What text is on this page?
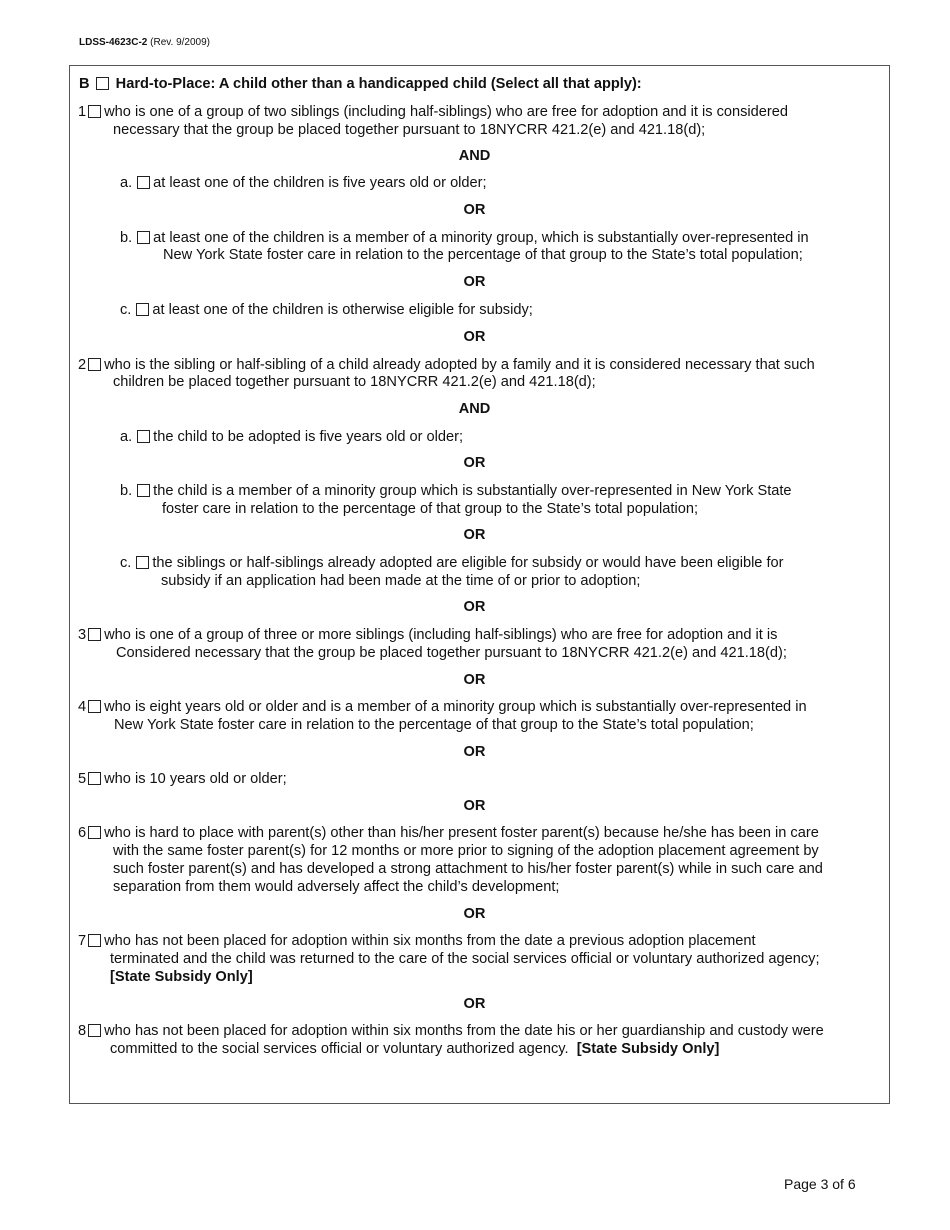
LDSS-4623C-2 (Rev. 9/2009)
B Hard-to-Place: A child other than a handicapped child (Select all that apply):
1 who is one of a group of two siblings (including half-siblings) who are free for adoption and it is considered
necessary that the group be placed together pursuant to 18NYCRR 421.2(e) and 421.18(d);
AND
a. at least one of the children is five years old or older;
OR
b. at least one of the children is a member of a minority group, which is substantially over-represented in
New York State foster care in relation to the percentage of that group to the State’s total population;
OR
c. at least one of the children is otherwise eligible for subsidy;
OR
2 who is the sibling or half-sibling of a child already adopted by a family and it is considered necessary that such
children be placed together pursuant to 18NYCRR 421.2(e) and 421.18(d);
AND
a. the child to be adopted is five years old or older;
OR
b. the child is a member of a minority group which is substantially over-represented in New York State
foster care in relation to the percentage of that group to the State’s total population;
OR
c. the siblings or half-siblings already adopted are eligible for subsidy or would have been eligible for
subsidy if an application had been made at the time of or prior to adoption;
OR
3 who is one of a group of three or more siblings (including half-siblings) who are free for adoption and it is
Considered necessary that the group be placed together pursuant to 18NYCRR 421.2(e) and 421.18(d);
OR
4 who is eight years old or older and is a member of a minority group which is substantially over-represented in
New York State foster care in relation to the percentage of that group to the State’s total population;
OR
5 who is 10 years old or older;
OR
6 who is hard to place with parent(s) other than his/her present foster parent(s) because he/she has been in care
with the same foster parent(s) for 12 months or more prior to signing of the adoption placement agreement by
such foster parent(s) and has developed a strong attachment to his/her foster parent(s) while in such care and
separation from them would adversely affect the child’s development;
OR
7 who has not been placed for adoption within six months from the date a previous adoption placement
terminated and the child was returned to the care of the social services official or voluntary authorized agency;
[State Subsidy Only]
OR
8 who has not been placed for adoption within six months from the date his or her guardianship and custody were
committed to the social services official or voluntary authorized agency. [State Subsidy Only]
Page 3 of 6
